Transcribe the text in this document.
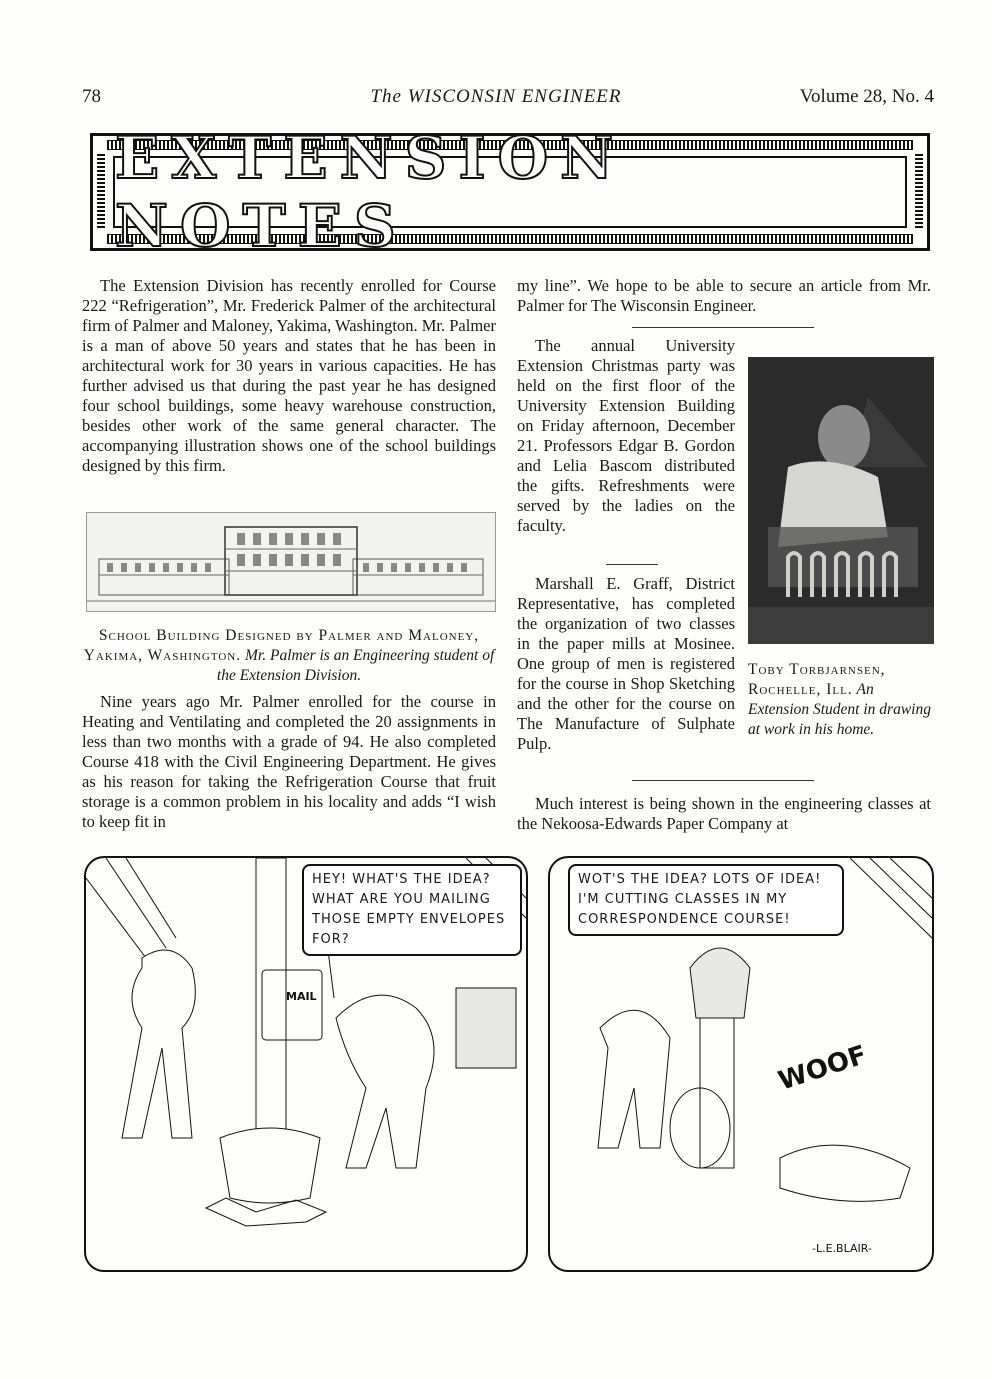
78	The WISCONSIN ENGINEER	Volume 28, No. 4
EXTENSION NOTES

The Extension Division has recently enrolled for Course 222 “Refrigeration”, Mr. Frederick Palmer of the architectural firm of Palmer and Maloney, Yakima, Washington. Mr. Palmer is a man of above 50 years and states that he has been in architectural work for 30 years in various capacities. He has further advised us that during the past year he has designed four school buildings, some heavy warehouse construction, besides other work of the same general character. The accompanying illustration shows one of the school buildings designed by this firm.

School Building Designed by Palmer and Maloney, Yakima, Washington. Mr. Palmer is an Engineering student of the Extension Division.

Nine years ago Mr. Palmer enrolled for the course in Heating and Ventilating and completed the 20 assignments in less than two months with a grade of 94. He also completed Course 418 with the Civil Engineering Department. He gives as his reason for taking the Refrigeration Course that fruit storage is a common problem in his locality and adds “I wish to keep fit in

my line”. We hope to be able to secure an article from Mr. Palmer for The Wisconsin Engineer.

The annual University Extension Christmas party was held on the first floor of the University Extension Building on Friday afternoon, December 21. Professors Edgar B. Gordon and Lelia Bascom distributed the gifts. Refreshments were served by the ladies on the faculty.

Marshall E. Graff, District Representative, has completed the organization of two classes in the paper mills at Mosinee. One group of men is registered for the course in Shop Sketching and the other for the course on The Manufacture of Sulphate Pulp.

Toby Torbjarnsen, Rochelle, Ill. An Extension Student in drawing at work in his home.

Much interest is being shown in the engineering classes at the Nekoosa-Edwards Paper Company at

HEY! WHAT'S THE IDEA? WHAT ARE YOU MAILING THOSE EMPTY ENVELOPES FOR?
MAIL
WOT'S THE IDEA? LOTS OF IDEA! I'M CUTTING CLASSES IN MY CORRESPONDENCE COURSE!
WOOF
-L.E.BLAIR-
